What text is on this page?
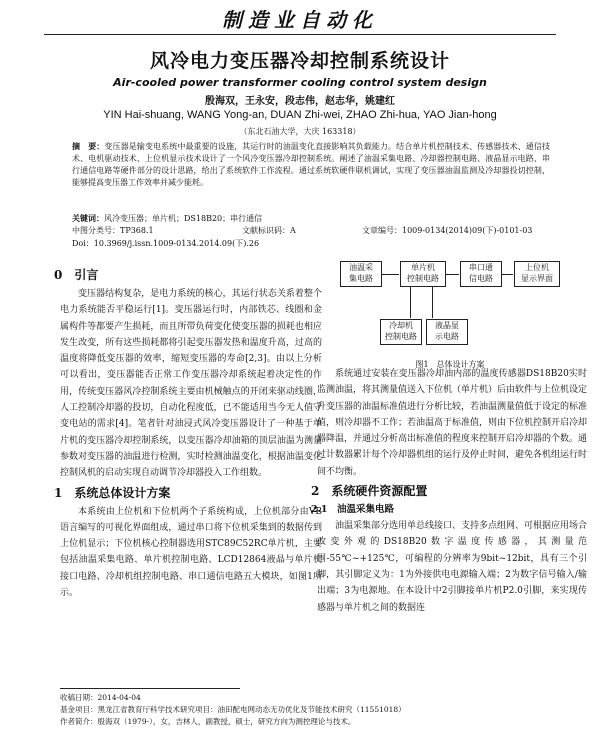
制造业自动化
风冷电力变压器冷却控制系统设计
Air-cooled power transformer cooling control system design
殷海双，王永安，段志伟，赵志华，姚建红
YIN Hai-shuang, WANG Yong-an, DUAN Zhi-wei, ZHAO Zhi-hua, YAO Jian-hong
（东北石油大学，大庆 163318）
摘　要：变压器是输变电系统中最重要的设施，其运行时的油温变化直接影响其负载能力。结合单片机控制技术、传感器技术、通信技术、电机驱动技术、上位机显示技术设计了一个风冷变压器冷却控制系统。阐述了油温采集电路、冷却器控制电路、液晶显示电路、串行通信电路等硬件部分的设计思路，给出了系统软件工作流程。通过系统软硬件联机调试，实现了变压器油温监测及冷却器投切控制，能够提高变压器工作效率并减少能耗。
关键词：风冷变压器；单片机；DS18B20；串行通信
中图分类号：TP368.1	文献标识码：A	文章编号：1009-0134(2014)09(下)-0101-03
Doi：10.3969/j.issn.1009-0134.2014.09(下).26
0　引言

变压器结构复杂，是电力系统的核心，其运行状态关系着整个电力系统能否平稳运行[1]。变压器运行时，内部铁芯、线圈和金属构件等都要产生损耗，而且所带负荷变化使变压器的损耗也相应发生改变，所有这些损耗都将引起变压器发热和温度升高，过高的温度将降低变压器的效率，缩短变压器的寿命[2,3]。由以上分析可以看出，变压器能否正常工作变压器冷却系统起着决定性的作用，传统变压器风冷控制系统主要由机械触点的开闭来驱动线圈，人工控制冷却器的投切，自动化程度低，已不能适用当今无人值守变电站的需求[4]。笔者针对油浸式风冷变压器设计了一种基于单片机的变压器冷却控制系统，以变压器冷却油箱的顶层油温为测量参数对变压器的油温进行检测，实时检测油温变化，根据油温变化控制风机的启动实现自动调节冷却器投入工作组数。

1　系统总体设计方案

本系统由上位机和下位机两个子系统构成，上位机部分由VB语言编写的可视化界面组成，通过串口将下位机采集到的数据传到上位机显示；下位机核心控制器选用STC89C52RC单片机，主要包括油温采集电路、单片机控制电路、LCD12864液晶与单片机接口电路、冷却机组控制电路、串口通信电路五大模块，如图1所示。

油温采
集电路
单片机
控制电路
串口通
信电路
上位机
显示界面
冷却机
控制电路
液晶显
示电路
图1　总体设计方案

系统通过安装在变压器冷却油内部的温度传感器DS18B20实时监测油温，将其测量值送入下位机（单片机）后由软件与上位机设定升变压器的油温标准值进行分析比较，若油温测量值低于设定的标准值，则冷却器不工作；若油温高于标准值，则由下位机控制开启冷却器降温，并通过分析高出标准值的程度来控制开启冷却器的个数。通过计数器累计每个冷却器机组的运行及停止时间，避免各机组运行时间不均衡。

2　系统硬件资源配置
2.1　油温采集电路

油温采集部分选用单总线接口、支持多点组网、可根据应用场合改变外观的DS18B20数字温度传感器，其测量范围-55℃~+125℃，可编程的分辨率为9bit~12bit，具有三个引脚，其引脚定义为：1为外接供电电源输入端；2为数字信号输入/输出端；3为电源地。在本设计中2引脚接单片机P2.0引脚，来实现传感器与单片机之间的数据连

收稿日期：2014-04-04
基金项目：黑龙江省教育厅科学技术研究项目：油田配电网动态无功优化及节能技术研究（11551018）
作者简介：殷海双（1979-），女，吉林人，副教授，硕士，研究方向为测控理论与技术。
